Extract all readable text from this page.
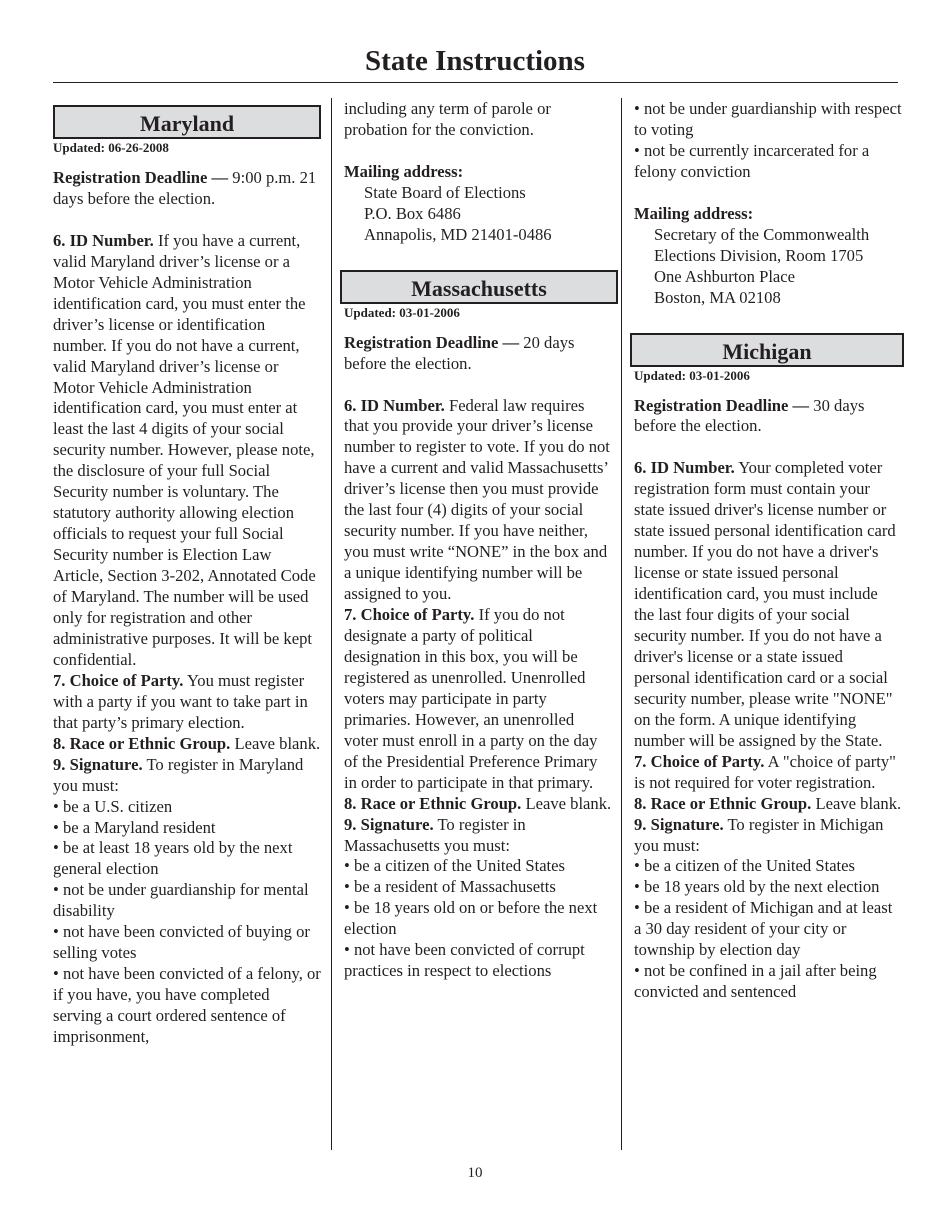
State Instructions
Maryland

Updated: 06-26-2008

Registration Deadline — 9:00 p.m. 21 days before the election.

6. ID Number. If you have a current, valid Maryland driver’s license or a Motor Vehicle Administration identification card, you must enter the driver’s license or identification number. If you do not have a current, valid Maryland driver’s license or Motor Vehicle Administration identification card, you must enter at least the last 4 digits of your social security number. However, please note, the disclosure of your full Social Security number is voluntary. The statutory authority allowing election officials to request your full Social Security number is Election Law Article, Section 3-202, Annotated Code of Maryland. The number will be used only for registration and other administrative purposes. It will be kept confidential.

7. Choice of Party. You must register with a party if you want to take part in that party’s primary election.

8. Race or Ethnic Group. Leave blank.

9. Signature. To register in Maryland you must:

• be a U.S. citizen

• be a Maryland resident

• be at least 18 years old by the next general election

• not be under guardianship for mental disability

• not have been convicted of buying or selling votes

• not have been convicted of a felony, or if you have, you have completed serving a court ordered sentence of imprisonment,

including any term of parole or probation for the conviction.

Mailing address:

State Board of Elections

P.O. Box 6486

Annapolis, MD 21401-0486

Massachusetts

Updated: 03-01-2006

Registration Deadline — 20 days before the election.

6. ID Number. Federal law requires that you provide your driver’s license number to register to vote. If you do not have a current and valid Massachusetts’ driver’s license then you must provide the last four (4) digits of your social security number. If you have neither, you must write “NONE” in the box and a unique identifying number will be assigned to you.

7. Choice of Party. If you do not designate a party of political designation in this box, you will be registered as unenrolled. Unenrolled voters may participate in party primaries. However, an unenrolled voter must enroll in a party on the day of the Presidential Preference Primary in order to participate in that primary.

8. Race or Ethnic Group. Leave blank.

9. Signature. To register in Massachusetts you must:

• be a citizen of the United States

• be a resident of Massachusetts

• be 18 years old on or before the next election

• not have been convicted of corrupt practices in respect to elections

• not be under guardianship with respect to voting

• not be currently incarcerated for a felony conviction

Mailing address:

Secretary of the Commonwealth

Elections Division, Room 1705

One Ashburton Place

Boston, MA 02108

Michigan

Updated: 03-01-2006

Registration Deadline — 30 days before the election.

6. ID Number. Your completed voter registration form must contain your state issued driver's license number or state issued personal identification card number. If you do not have a driver's license or state issued personal identification card, you must include the last four digits of your social security number. If you do not have a driver's license or a state issued personal identification card or a social security number, please write "NONE" on the form. A unique identifying number will be assigned by the State.

7. Choice of Party. A "choice of party" is not required for voter registration.

8. Race or Ethnic Group. Leave blank.

9. Signature. To register in Michigan you must:

• be a citizen of the United States

• be 18 years old by the next election

• be a resident of Michigan and at least a 30 day resident of your city or township by election day

• not be confined in a jail after being convicted and sentenced

10
